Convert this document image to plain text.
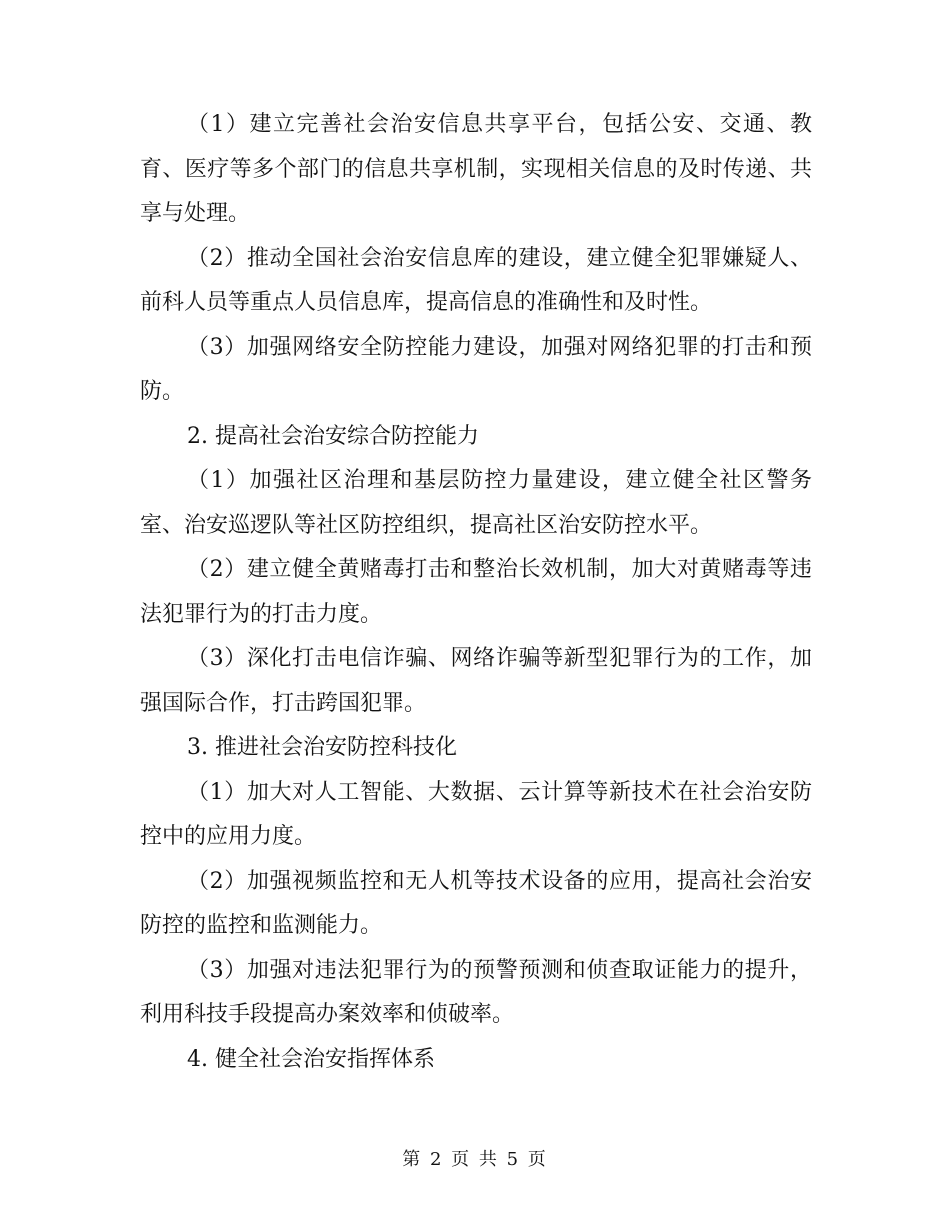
（1）建立完善社会治安信息共享平台，包括公安、交通、教育、医疗等多个部门的信息共享机制，实现相关信息的及时传递、共享与处理。

（2）推动全国社会治安信息库的建设，建立健全犯罪嫌疑人、前科人员等重点人员信息库，提高信息的准确性和及时性。

（3）加强网络安全防控能力建设，加强对网络犯罪的打击和预防。

2. 提高社会治安综合防控能力

（1）加强社区治理和基层防控力量建设，建立健全社区警务室、治安巡逻队等社区防控组织，提高社区治安防控水平。

（2）建立健全黄赌毒打击和整治长效机制，加大对黄赌毒等违法犯罪行为的打击力度。

（3）深化打击电信诈骗、网络诈骗等新型犯罪行为的工作，加强国际合作，打击跨国犯罪。

3. 推进社会治安防控科技化

（1）加大对人工智能、大数据、云计算等新技术在社会治安防控中的应用力度。

（2）加强视频监控和无人机等技术设备的应用，提高社会治安防控的监控和监测能力。

（3）加强对违法犯罪行为的预警预测和侦查取证能力的提升，利用科技手段提高办案效率和侦破率。

4. 健全社会治安指挥体系

第 2 页 共 5 页
